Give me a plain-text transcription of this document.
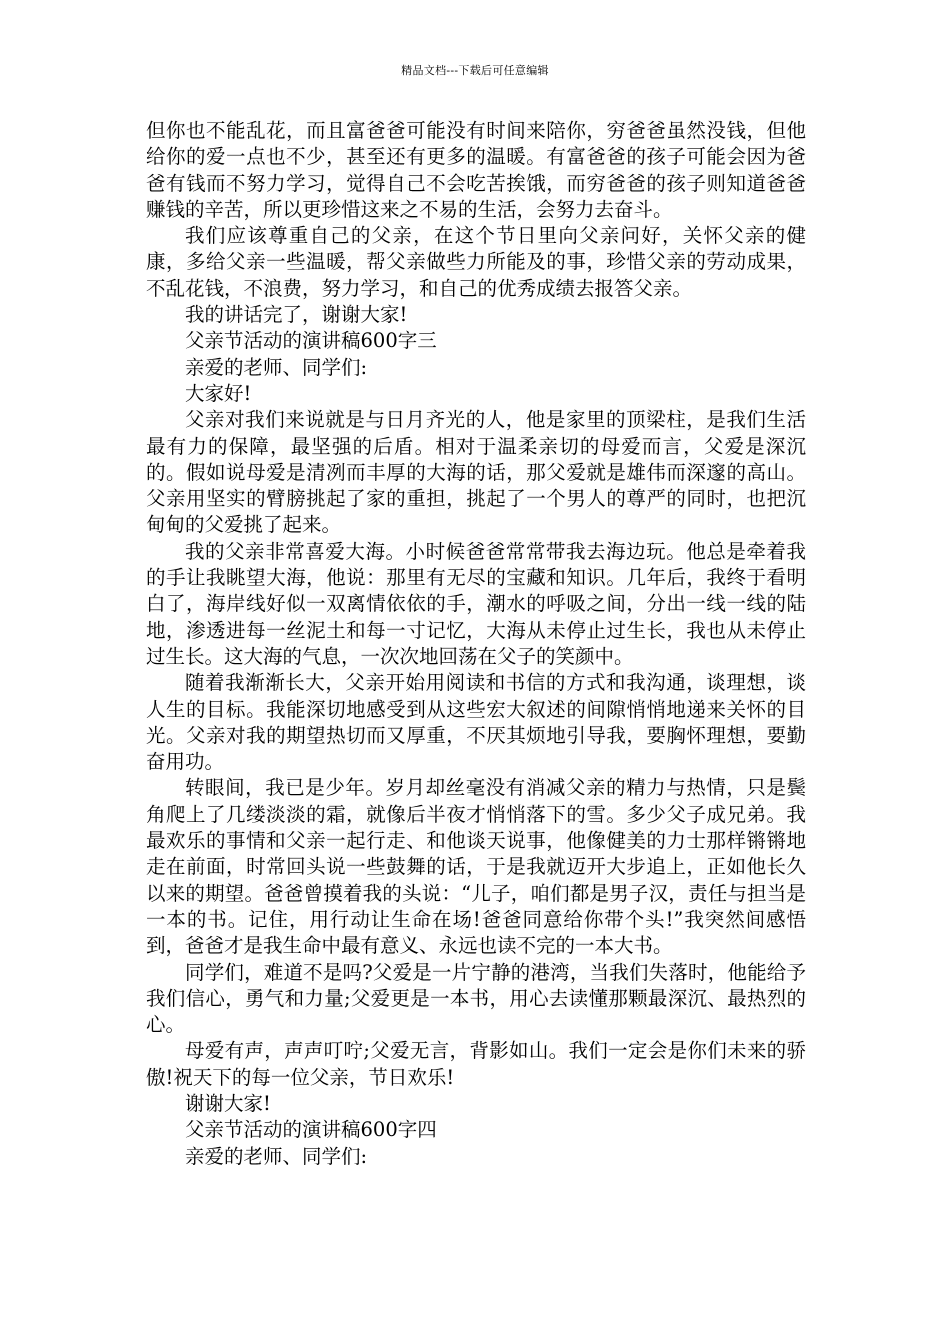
精品文档---下载后可任意编辑

但你也不能乱花，而且富爸爸可能没有时间来陪你，穷爸爸虽然没钱，但他给你的爱一点也不少，甚至还有更多的温暖。有富爸爸的孩子可能会因为爸爸有钱而不努力学习，觉得自己不会吃苦挨饿，而穷爸爸的孩子则知道爸爸赚钱的辛苦，所以更珍惜这来之不易的生活，会努力去奋斗。

我们应该尊重自己的父亲，在这个节日里向父亲问好，关怀父亲的健康，多给父亲一些温暖，帮父亲做些力所能及的事，珍惜父亲的劳动成果，不乱花钱，不浪费，努力学习，和自己的优秀成绩去报答父亲。

我的讲话完了，谢谢大家!

父亲节活动的演讲稿600字三

亲爱的老师、同学们:

大家好!

父亲对我们来说就是与日月齐光的人，他是家里的顶梁柱，是我们生活最有力的保障，最坚强的后盾。相对于温柔亲切的母爱而言，父爱是深沉的。假如说母爱是清冽而丰厚的大海的话，那父爱就是雄伟而深邃的高山。父亲用坚实的臂膀挑起了家的重担，挑起了一个男人的尊严的同时，也把沉甸甸的父爱挑了起来。

我的父亲非常喜爱大海。小时候爸爸常常带我去海边玩。他总是牵着我的手让我眺望大海，他说：那里有无尽的宝藏和知识。几年后，我终于看明白了，海岸线好似一双离情依依的手，潮水的呼吸之间，分出一线一线的陆地，渗透进每一丝泥土和每一寸记忆，大海从未停止过生长，我也从未停止过生长。这大海的气息，一次次地回荡在父子的笑颜中。

随着我渐渐长大，父亲开始用阅读和书信的方式和我沟通，谈理想，谈人生的目标。我能深切地感受到从这些宏大叙述的间隙悄悄地递来关怀的目光。父亲对我的期望热切而又厚重，不厌其烦地引导我，要胸怀理想，要勤奋用功。

转眼间，我已是少年。岁月却丝毫没有消减父亲的精力与热情，只是鬓角爬上了几缕淡淡的霜，就像后半夜才悄悄落下的雪。多少父子成兄弟。我最欢乐的事情和父亲一起行走、和他谈天说事，他像健美的力士那样锵锵地走在前面，时常回头说一些鼓舞的话，于是我就迈开大步追上，正如他长久以来的期望。爸爸曾摸着我的头说：“儿子，咱们都是男子汉，责任与担当是一本的书。记住，用行动让生命在场!爸爸同意给你带个头!”我突然间感悟到，爸爸才是我生命中最有意义、永远也读不完的一本大书。

同学们，难道不是吗?父爱是一片宁静的港湾，当我们失落时，他能给予我们信心，勇气和力量;父爱更是一本书，用心去读懂那颗最深沉、最热烈的心。

母爱有声，声声叮咛;父爱无言，背影如山。我们一定会是你们未来的骄傲!祝天下的每一位父亲，节日欢乐!

谢谢大家!

父亲节活动的演讲稿600字四

亲爱的老师、同学们:
